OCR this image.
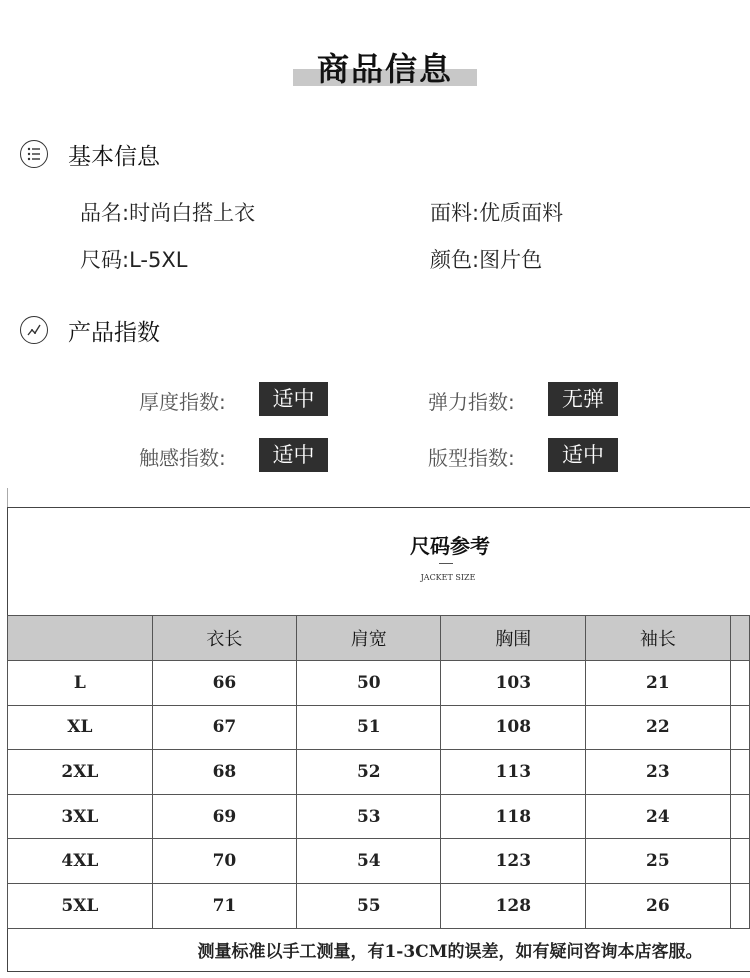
商品信息
基本信息
品名:时尚白搭上衣	面料:优质面料
尺码:L-5XL	颜色:图片色
产品指数
厚度指数:	适中	弹力指数:	无弹
触感指数:	适中	版型指数:	适中
尺码参考
JACKET SIZE
	衣长	肩宽	胸围	袖长	
L	66	50	103	21	
XL	67	51	108	22	
2XL	68	52	113	23	
3XL	69	53	118	24	
4XL	70	54	123	25	
5XL	71	55	128	26	
测量标准以手工测量，有1-3CM的误差，如有疑问咨询本店客服。
